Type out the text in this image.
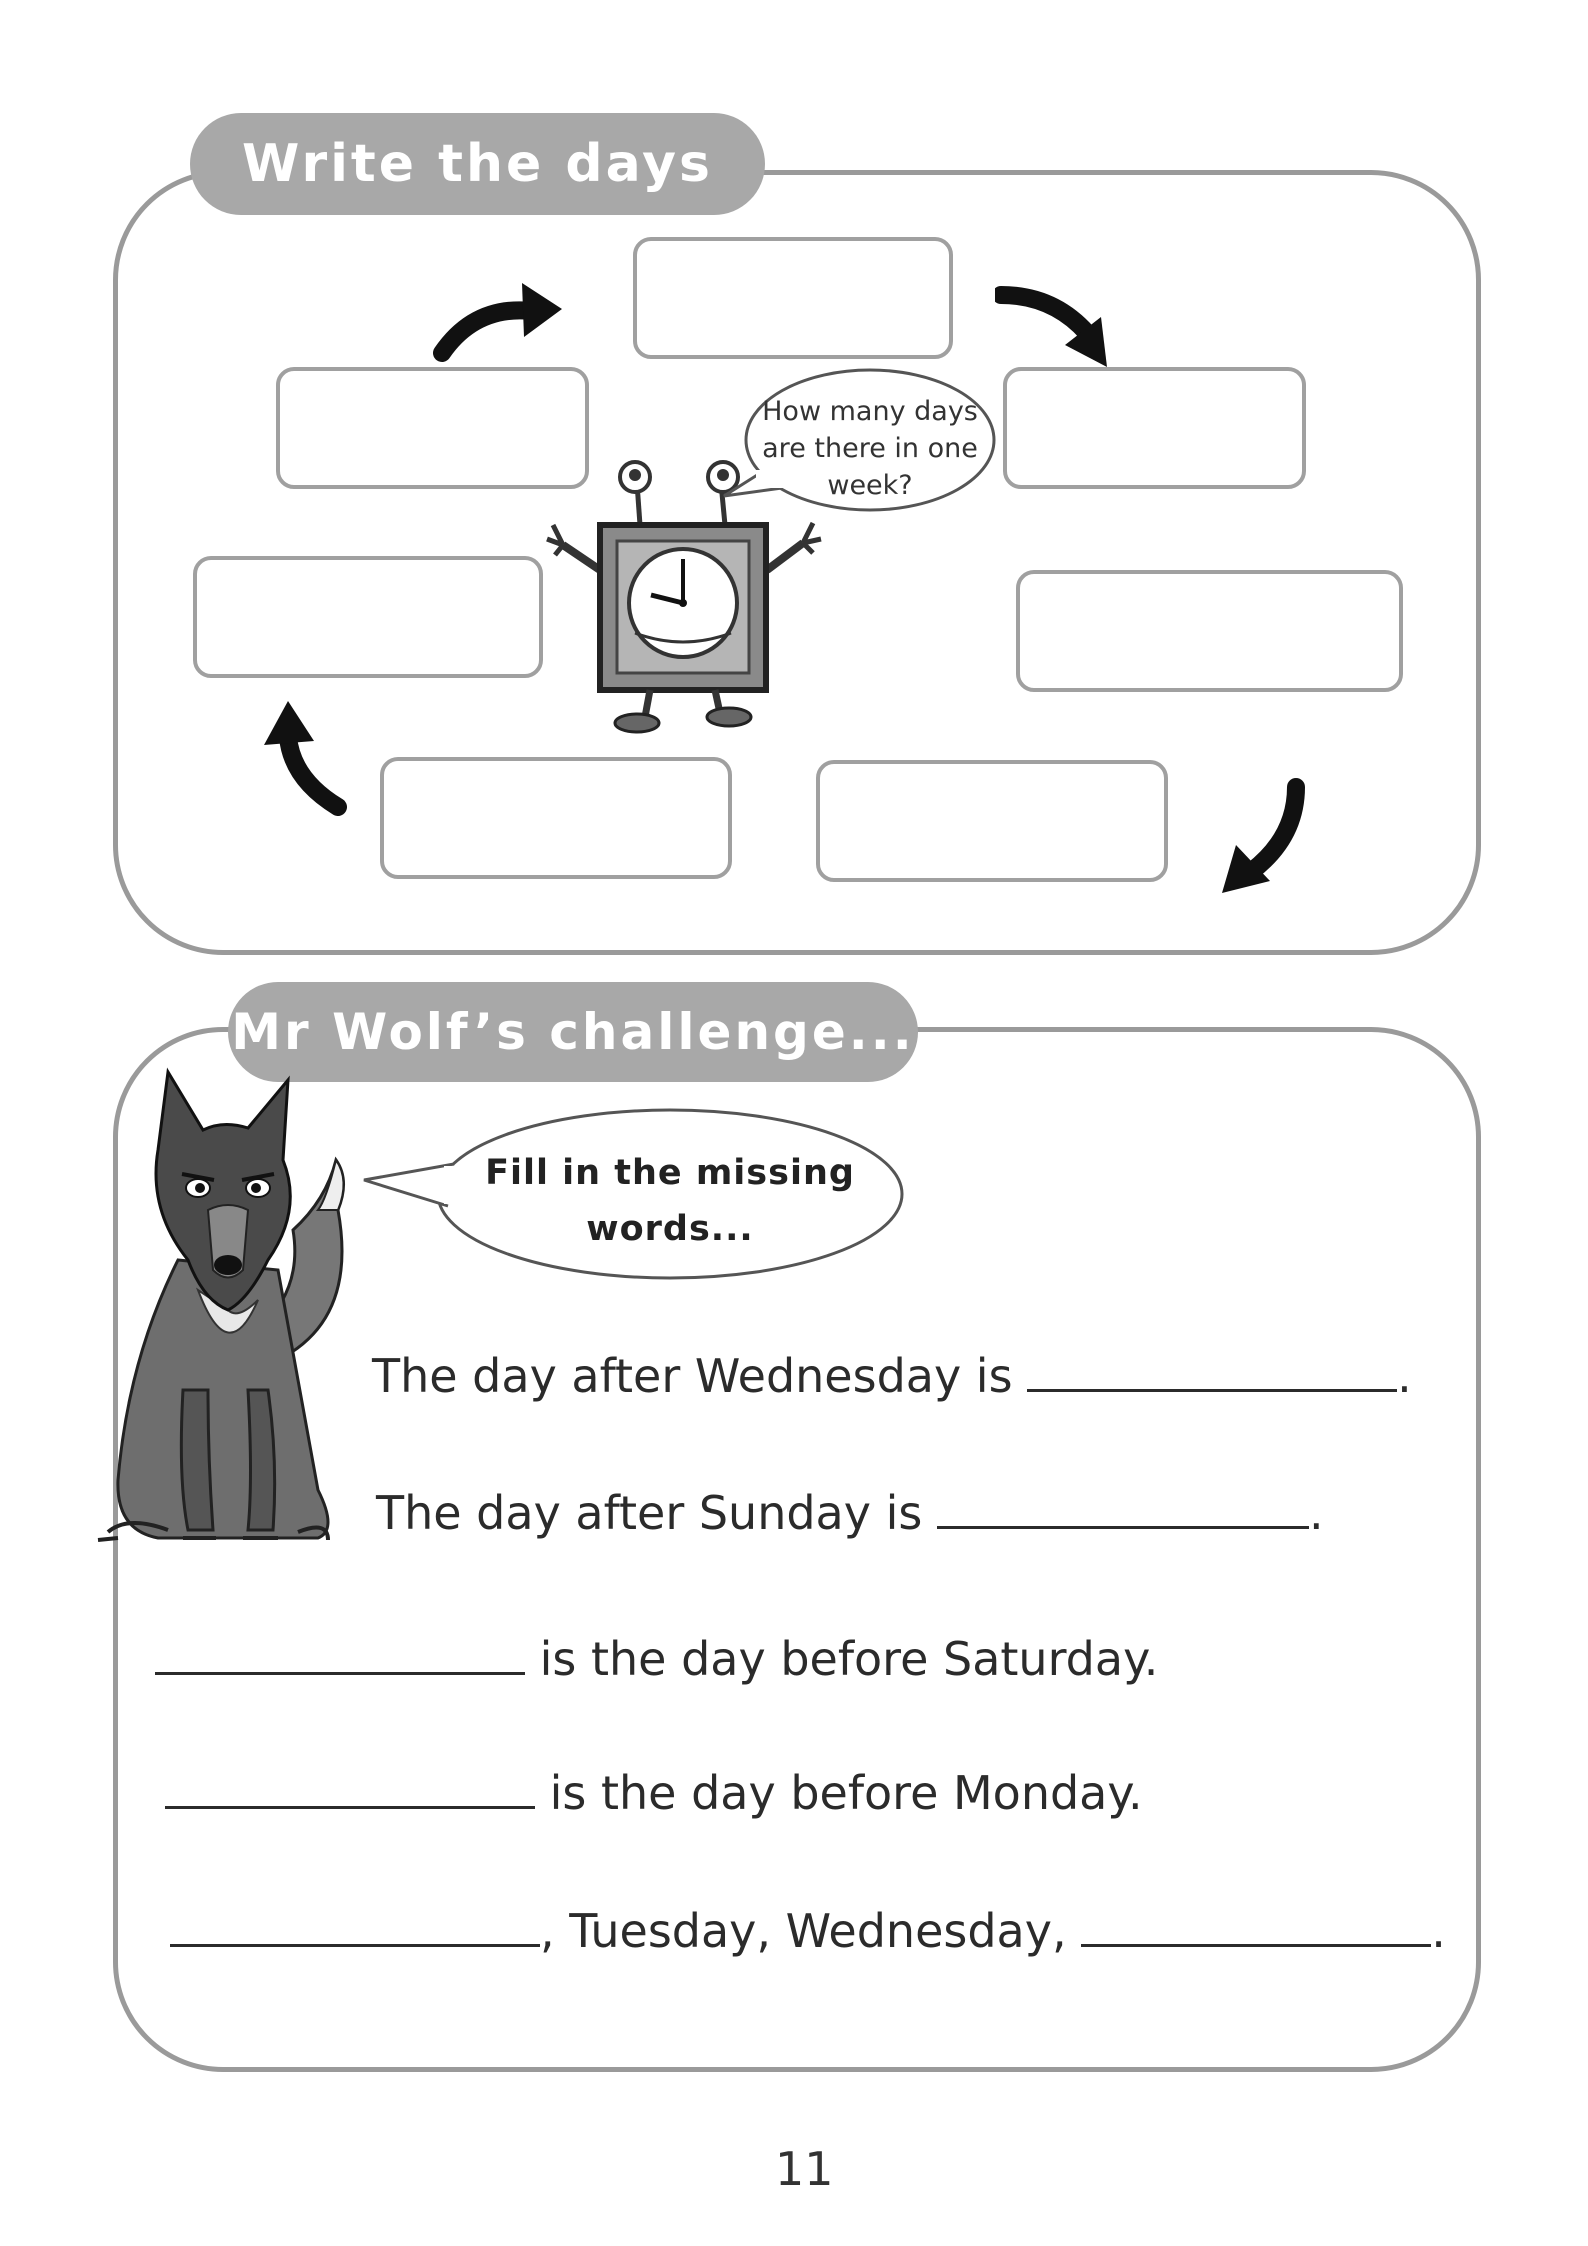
Write the days
How many days are there in one week?
Mr Wolf’s challenge...
Fill in the missing words...
The day after Wednesday is	.
The day after Sunday is	.
is the day before Saturday.
is the day before Monday.
, Tuesday, Wednesday,	.
11
